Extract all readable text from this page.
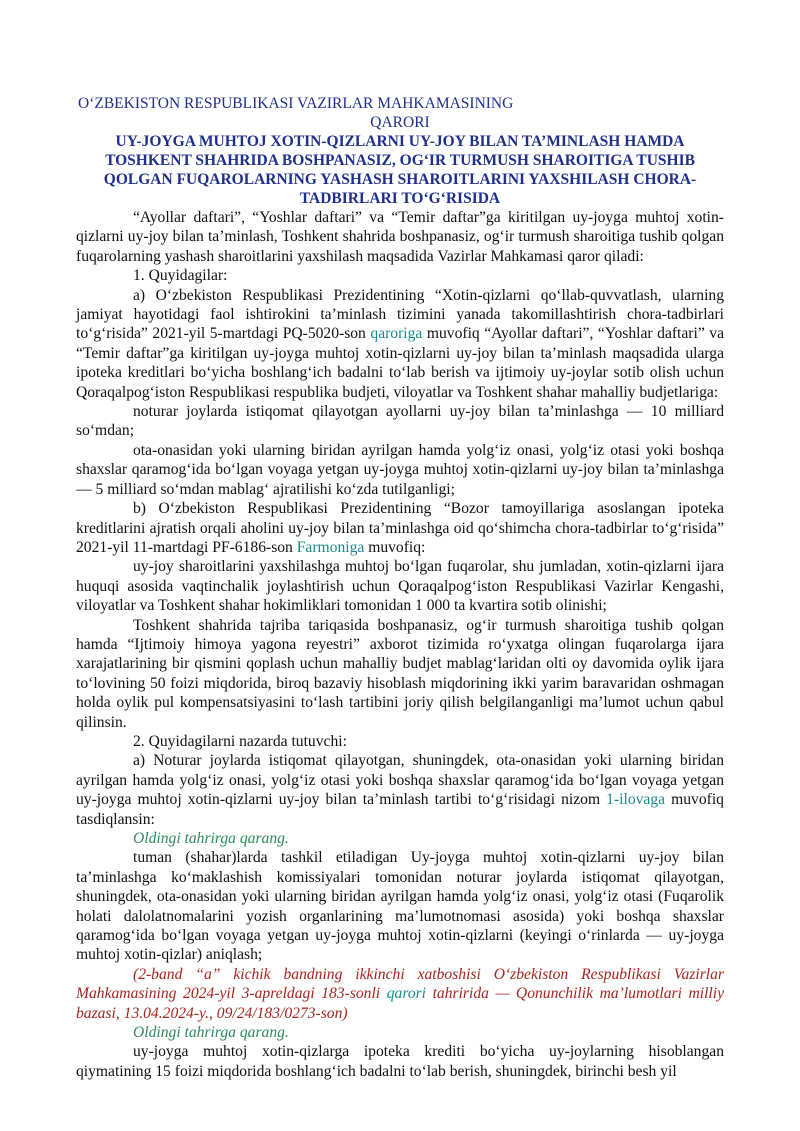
O‘ZBEKISTON RESPUBLIKASI VAZIRLAR MAHKAMASINING

QARORI

UY-JOYGA MUHTOJ XOTIN-QIZLARNI UY-JOY BILAN TA’MINLASH HAMDA TOSHKENT SHAHRIDA BOSHPANASIZ, OG‘IR TURMUSH SHAROITIGA TUSHIB QOLGAN FUQAROLARNING YASHASH SHAROITLARINI YAXSHILASH CHORA-TADBIRLARI TO‘G‘RISIDA

“Ayollar daftari”, “Yoshlar daftari” va “Temir daftar”ga kiritilgan uy-joyga muhtoj xotin-qizlarni uy-joy bilan ta’minlash, Toshkent shahrida boshpanasiz, og‘ir turmush sharoitiga tushib qolgan fuqarolarning yashash sharoitlarini yaxshilash maqsadida Vazirlar Mahkamasi qaror qiladi:

1. Quyidagilar:

a) O‘zbekiston Respublikasi Prezidentining “Xotin-qizlarni qo‘llab-quvvatlash, ularning jamiyat hayotidagi faol ishtirokini ta’minlash tizimini yanada takomillashtirish chora-tadbirlari to‘g‘risida” 2021-yil 5-martdagi PQ-5020-son qaroriga muvofiq “Ayollar daftari”, “Yoshlar daftari” va “Temir daftar”ga kiritilgan uy-joyga muhtoj xotin-qizlarni uy-joy bilan ta’minlash maqsadida ularga ipoteka kreditlari bo‘yicha boshlang‘ich badalni to‘lab berish va ijtimoiy uy-joylar sotib olish uchun Qoraqalpog‘iston Respublikasi respublika budjeti, viloyatlar va Toshkent shahar mahalliy budjetlariga:

noturar joylarda istiqomat qilayotgan ayollarni uy-joy bilan ta’minlashga — 10 milliard so‘mdan;

ota-onasidan yoki ularning biridan ayrilgan hamda yolg‘iz onasi, yolg‘iz otasi yoki boshqa shaxslar qaramog‘ida bo‘lgan voyaga yetgan uy-joyga muhtoj xotin-qizlarni uy-joy bilan ta’minlashga — 5 milliard so‘mdan mablag‘ ajratilishi ko‘zda tutilganligi;

b) O‘zbekiston Respublikasi Prezidentining “Bozor tamoyillariga asoslangan ipoteka kreditlarini ajratish orqali aholini uy-joy bilan ta’minlashga oid qo‘shimcha chora-tadbirlar to‘g‘risida” 2021-yil 11-martdagi PF-6186-son Farmoniga muvofiq:

uy-joy sharoitlarini yaxshilashga muhtoj bo‘lgan fuqarolar, shu jumladan, xotin-qizlarni ijara huquqi asosida vaqtinchalik joylashtirish uchun Qoraqalpog‘iston Respublikasi Vazirlar Kengashi, viloyatlar va Toshkent shahar hokimliklari tomonidan 1 000 ta kvartira sotib olinishi;

Toshkent shahrida tajriba tariqasida boshpanasiz, og‘ir turmush sharoitiga tushib qolgan hamda “Ijtimoiy himoya yagona reyestri” axborot tizimida ro‘yxatga olingan fuqarolarga ijara xarajatlarining bir qismini qoplash uchun mahalliy budjet mablag‘laridan olti oy davomida oylik ijara to‘lovining 50 foizi miqdorida, biroq bazaviy hisoblash miqdorining ikki yarim baravaridan oshmagan holda oylik pul kompensatsiyasini to‘lash tartibini joriy qilish belgilanganligi ma’lumot uchun qabul qilinsin.

2. Quyidagilarni nazarda tutuvchi:

a) Noturar joylarda istiqomat qilayotgan, shuningdek, ota-onasidan yoki ularning biridan ayrilgan hamda yolg‘iz onasi, yolg‘iz otasi yoki boshqa shaxslar qaramog‘ida bo‘lgan voyaga yetgan uy-joyga muhtoj xotin-qizlarni uy-joy bilan ta’minlash tartibi to‘g‘risidagi nizom 1-ilovaga muvofiq tasdiqlansin:

Oldingi tahrirga qarang.

tuman (shahar)larda tashkil etiladigan Uy-joyga muhtoj xotin-qizlarni uy-joy bilan ta’minlashga ko‘maklashish komissiyalari tomonidan noturar joylarda istiqomat qilayotgan, shuningdek, ota-onasidan yoki ularning biridan ayrilgan hamda yolg‘iz onasi, yolg‘iz otasi (Fuqarolik holati dalolatnomalarini yozish organlarining ma’lumotnomasi asosida) yoki boshqa shaxslar qaramog‘ida bo‘lgan voyaga yetgan uy-joyga muhtoj xotin-qizlarni (keyingi o‘rinlarda — uy-joyga muhtoj xotin-qizlar) aniqlash;

(2-band “a” kichik bandning ikkinchi xatboshisi O‘zbekiston Respublikasi Vazirlar Mahkamasining 2024-yil 3-apreldagi 183-sonli qarori tahririda — Qonunchilik ma’lumotlari milliy bazasi, 13.04.2024-y., 09/24/183/0273-son)

Oldingi tahrirga qarang.

uy-joyga muhtoj xotin-qizlarga ipoteka krediti bo‘yicha uy-joylarning hisoblangan qiymatining 15 foizi miqdorida boshlang‘ich badalni to‘lab berish, shuningdek, birinchi besh yil
